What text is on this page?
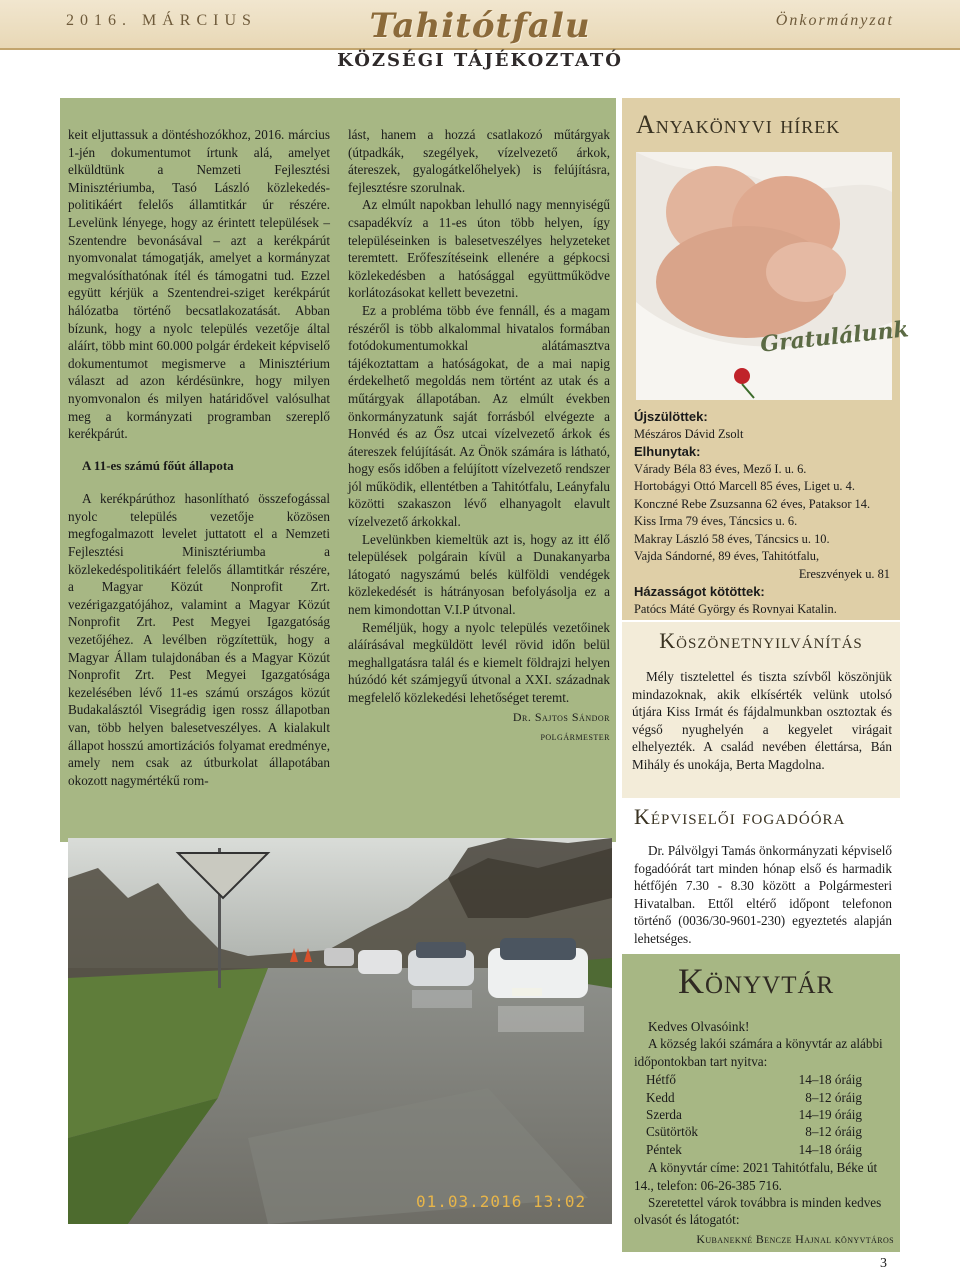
2016. MÁRCIUS	Önkormányzat
Tahitótfalu
KÖZSÉGI TÁJÉKOZTATÓ

keit eljuttassuk a döntéshozókhoz, 2016. március 1-jén dokumentumot írtunk alá, amelyet elküldtünk a Nemzeti Fejlesztési Minisztériumba, Tasó László közlekedés-politikáért felelős államtitkár úr részére. Levelünk lényege, hogy az érintett települések – Szentendre bevonásával – azt a kerékpárút nyomvonalat támogatják, amelyet a kormányzat megvalósíthatónak ítél és támogatni tud. Ezzel együtt kérjük a Szentendrei-sziget kerékpárút hálózatba történő becsatlakozatását. Abban bízunk, hogy a nyolc település vezetője által aláírt, több mint 60.000 polgár érdekeit képviselő dokumentumot megismerve a Minisztérium választ ad azon kérdésünkre, hogy milyen nyomvonalon és milyen határidővel valósulhat meg a kormányzati programban szereplő kerékpárút.

A 11-es számú főút állapota

A kerékpárúthoz hasonlítható összefogással nyolc település vezetője közösen megfogalmazott levelet juttatott el a Nemzeti Fejlesztési Minisztériumba a közlekedéspolitikáért felelős államtitkár részére, a Magyar Közút Nonprofit Zrt. vezérigazgatójához, valamint a Magyar Közút Nonprofit Zrt. Pest Megyei Igazgatóság vezetőjéhez. A levélben rögzítettük, hogy a Magyar Állam tulajdonában és a Magyar Közút Nonprofit Zrt. Pest Megyei Igazgatósága kezelésében lévő 11-es számú országos közút Budakalásztól Visegrádig igen rossz állapotban van, több helyen balesetveszélyes. A kialakult állapot hosszú amortizációs folyamat eredménye, amely nem csak az útburkolat állapotában okozott nagymértékű rom-

lást, hanem a hozzá csatlakozó műtárgyak (útpadkák, szegélyek, vízelvezető árkok, átereszek, gyalogátkelőhelyek) is felújításra, fejlesztésre szorulnak.

Az elmúlt napokban lehulló nagy mennyiségű csapadékvíz a 11-es úton több helyen, így településeinken is balesetveszélyes helyzeteket teremtett. Erőfeszítéseink ellenére a gépkocsi közlekedésben a hatósággal együttműködve korlátozásokat kellett bevezetni.

Ez a probléma több éve fennáll, és a magam részéről is több alkalommal hivatalos formában fotódokumentumokkal alátámasztva tájékoztattam a hatóságokat, de a mai napig érdekelhető megoldás nem történt az utak és a műtárgyak állapotában. Az elmúlt években önkormányzatunk saját forrásból elvégezte a Honvéd és az Ősz utcai vízelvezető árkok és átereszek felújítását. Az Önök számára is látható, hogy esős időben a felújított vízelvezető rendszer jól működik, ellentétben a Tahitótfalu, Leányfalu közötti szakaszon lévő elhanyagolt elavult vízelvezető árkokkal.

Levelünkben kiemeltük azt is, hogy az itt élő települések polgárain kívül a Dunakanyarba látogató nagyszámú belés külföldi vendégek közlekedését is hátrányosan befolyásolja ez a nem kimondottan V.I.P útvonal.

Reméljük, hogy a nyolc település vezetőinek aláírásával megküldött levél rövid időn belül meghallgatásra talál és e kiemelt földrajzi helyen húzódó két számjegyű útvonal a XXI. századnak megfelelő közlekedési lehetőséget teremt.

Dr. Sajtos Sándor
polgármester
01.03.2016 13:02
Anyakönyvi hírek
Gratulálunk
Újszülöttek:
Mészáros Dávid Zsolt
Elhunytak:
Várady Béla 83 éves, Mező I. u. 6.
Hortobágyi Ottó Marcell 85 éves, Liget u. 4.
Konczné Rebe Zsuzsanna 62 éves, Pataksor 14.
Kiss Irma 79 éves, Táncsics u. 6.
Makray László 58 éves, Táncsics u. 10.
Vajda Sándorné, 89 éves, Tahitótfalu,
Ereszvények u. 81
Házasságot kötöttek:
Patócs Máté György és Rovnyai Katalin.
Köszönetnyilvánítás
Mély tisztelettel és tiszta szívből köszönjük mindazoknak, akik elkísérték velünk utolsó útjára Kiss Irmát és fájdalmunkban osztoztak és végső nyughelyén a kegyelet virágait elhelyezték. A család nevében élettársa, Bán Mihály és unokája, Berta Magdolna.
Képviselői fogadóóra
Dr. Pálvölgyi Tamás önkormányzati képviselő fogadóórát tart minden hónap első és harmadik hétfőjén 7.30 - 8.30 között a Polgármesteri Hivatalban. Ettől eltérő időpont telefonon történő (0036/30-9601-230) egyeztetés alapján lehetséges.
Könyvtár

Kedves Olvasóink!

A község lakói számára a könyvtár az alábbi időpontokban tart nyitva:

Hétfő	14–18 óráig
Kedd	8–12 óráig
Szerda	14–19 óráig
Csütörtök	8–12 óráig
Péntek	14–18 óráig

A könyvtár címe: 2021 Tahitótfalu, Béke út 14., telefon: 06-26-385 716.

Szeretettel várok továbbra is minden kedves olvasót és látogatót:

Kubanekné Bencze Hajnal könyvtáros
3
